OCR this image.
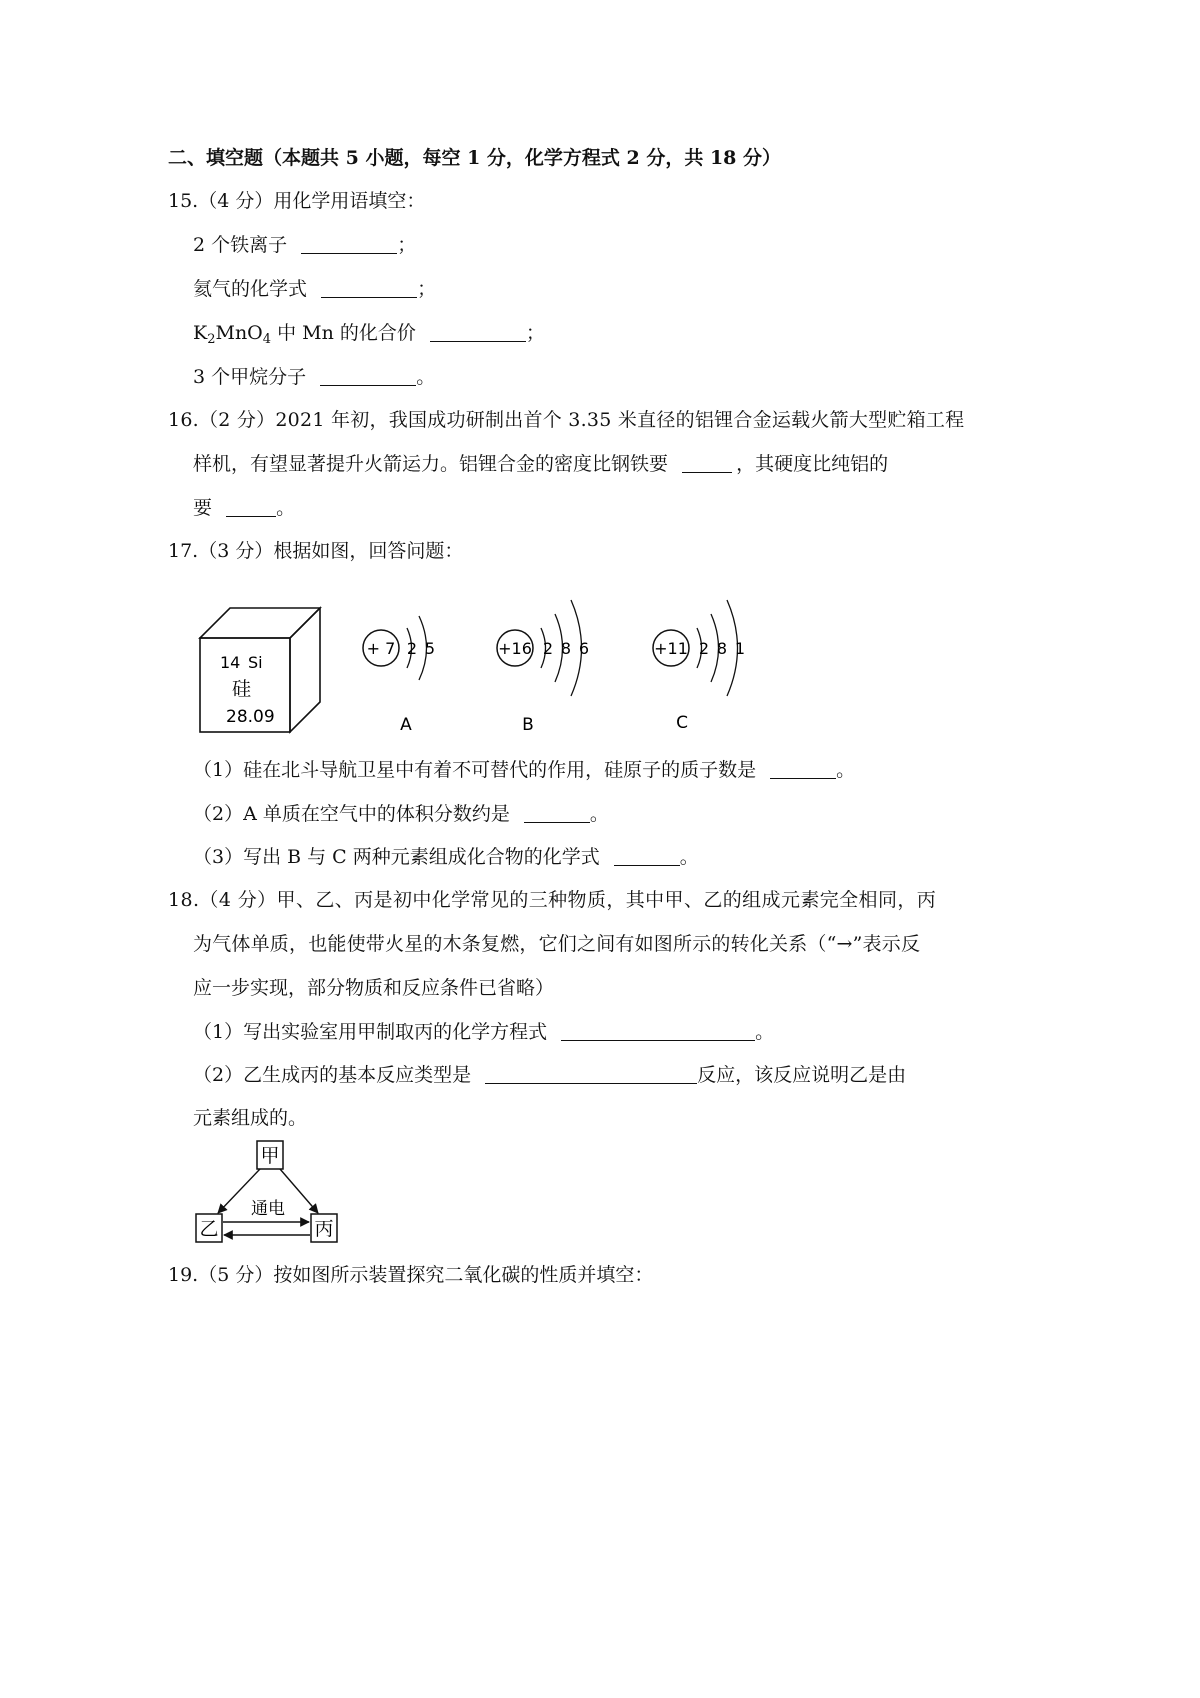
二、填空题（本题共 5 小题，每空 1 分，化学方程式 2 分，共 18 分）
15.（4 分）用化学用语填空：
2 个铁离子	；
氦气的化学式	；
$K_2MnO_4$ 中 Mn 的化合价	；
3 个甲烷分子	。
16.（2 分）2021 年初，我国成功研制出首个 3.35 米直径的铝锂合金运载火箭大型贮箱工程
样机，有望显著提升火箭运力。铝锂合金的密度比钢铁要	，其硬度比纯铝的
要	。
17.（3 分）根据如图，回答问题：
14 Si
硅
28.09
+ 7 2 5
A
+16 2 8 6
B
+11 2 8 1
C
（1）硅在北斗导航卫星中有着不可替代的作用，硅原子的质子数是	。
（2）A 单质在空气中的体积分数约是	。
（3）写出 B 与 C 两种元素组成化合物的化学式	。
18.（4 分）甲、乙、丙是初中化学常见的三种物质，其中甲、乙的组成元素完全相同，丙
为气体单质，也能使带火星的木条复燃，它们之间有如图所示的转化关系（“→”表示反
应一步实现，部分物质和反应条件已省略）
（1）写出实验室用甲制取丙的化学方程式	。
（2）乙生成丙的基本反应类型是	反应，该反应说明乙是由
元素组成的。
甲
乙	丙
通电
19.（5 分）按如图所示装置探究二氧化碳的性质并填空：
